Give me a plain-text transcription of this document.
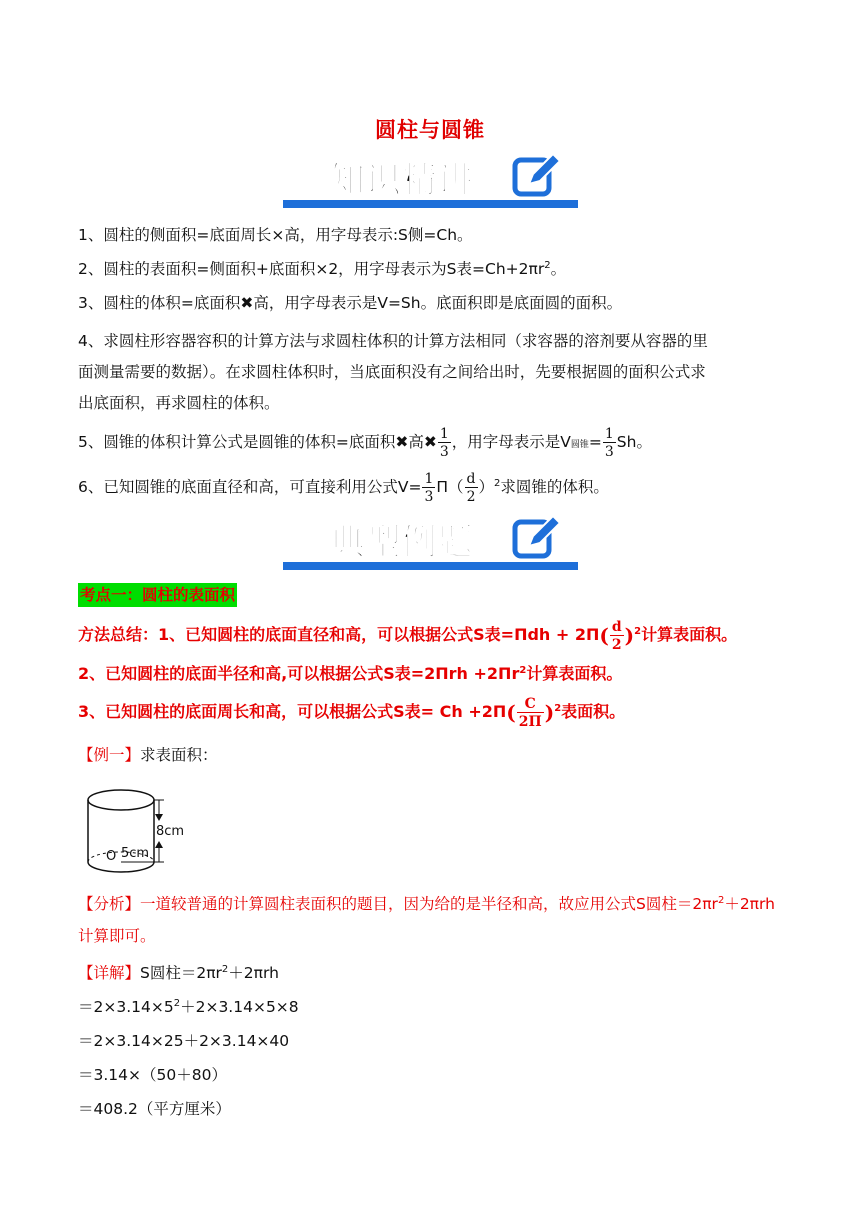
圆柱与圆锥
知识精讲
1、圆柱的侧面积=底面周长×高，用字母表示:S侧=Ch。
2、圆柱的表面积=侧面积+底面积×2，用字母表示为S表$=Ch+2\pi r^2$。
3、圆柱的体积=底面积✖高，用字母表示是V=Sh。底面积即是底面圆的面积。
4、求圆柱形容器容积的计算方法与求圆柱体积的计算方法相同（求容器的溶剂要从容器的里
面测量需要的数据）。在求圆柱体积时，当底面积没有之间给出时，先要根据圆的面积公式求
出底面积，再求圆柱的体积。
5、圆锥的体积计算公式是圆锥的体积=底面积✖高✖ $\frac{1}{3}$ ，用字母表示是V圆锥= $\frac{1}{3}$ Sh。
6、已知圆锥的底面直径和高，可直接利用公式$V= \frac{1}{3} \Pi( \frac{d}{2} )^2$求圆锥的体积。
典型例题
考点一：圆柱的表面积
方法总结：1、已知圆柱的底面直径和高，可以根据公式S表$=\Pi dh + 2\Pi( \frac{d}{2} )^2$计算表面积。
2、已知圆柱的底面半径和高,可以根据公式S表$=2\Pi rh +2\Pi r^2$计算表面积。
3、已知圆柱的底面周长和高，可以根据公式S表= $Ch +2\Pi( \frac{C}{2\Pi} )^2$表面积。
【例一】求表面积：
8cm
5cm
O
【分析】一道较普通的计算圆柱表面积的题目，因为给的是半径和高，故应用公式S圆柱$=2\pi r^2+2\pi rh$
计算即可。
【详解】S圆柱$=2\pi r^2+2\pi rh$
$=2\times 3.14\times 5^2+2\times 3.14\times 5\times 8$
＝2×3.14×25＋2×3.14×40
＝3.14×（50＋80）
＝408.2（平方厘米）
